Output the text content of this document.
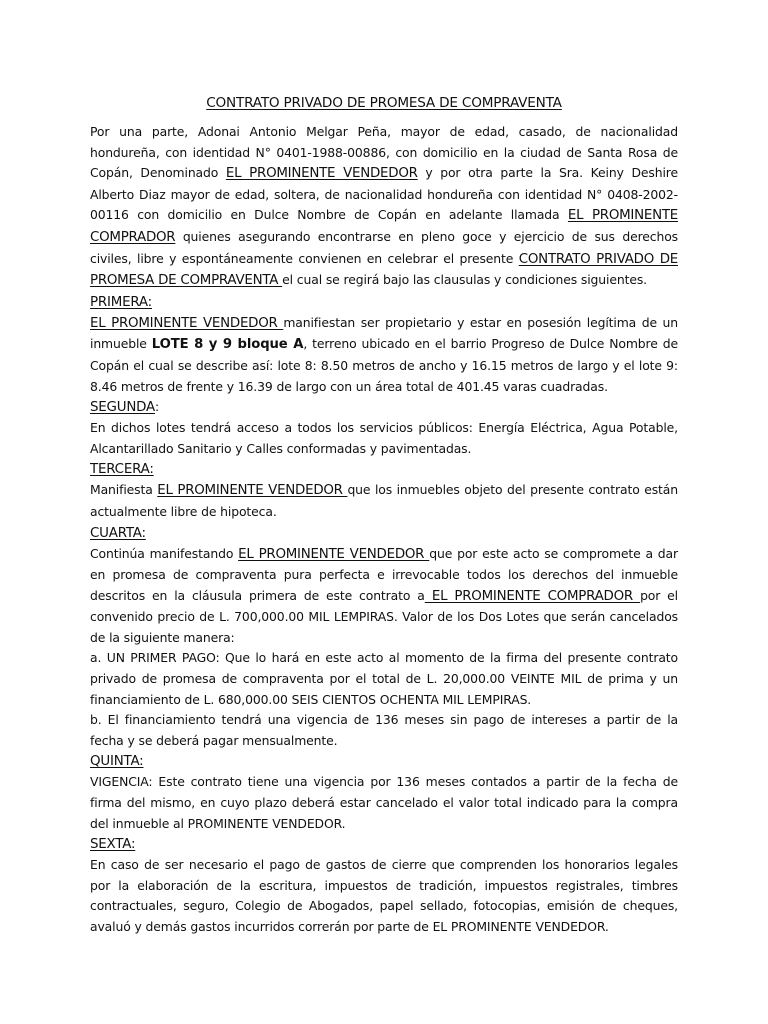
CONTRATO PRIVADO DE PROMESA DE COMPRAVENTA

Por una parte, Adonai Antonio Melgar Peña, mayor de edad, casado, de nacionalidad hondureña, con identidad N° 0401-1988-00886, con domicilio en la ciudad de Santa Rosa de Copán, Denominado EL PROMINENTE VENDEDOR y por otra parte la Sra. Keiny Deshire Alberto Diaz mayor de edad, soltera, de nacionalidad hondureña con identidad N° 0408-2002-00116 con domicilio en Dulce Nombre de Copán en adelante llamada EL PROMINENTE COMPRADOR quienes asegurando encontrarse en pleno goce y ejercicio de sus derechos civiles, libre y espontáneamente convienen en celebrar el presente CONTRATO PRIVADO DE PROMESA DE COMPRAVENTA el cual se regirá bajo las clausulas y condiciones siguientes.

PRIMERA:

EL PROMINENTE VENDEDOR manifiestan ser propietario y estar en posesión legítima de un inmueble LOTE 8 y 9 bloque A, terreno ubicado en el barrio Progreso de Dulce Nombre de Copán el cual se describe así: lote 8: 8.50 metros de ancho y 16.15 metros de largo y el lote 9: 8.46 metros de frente y 16.39 de largo con un área total de 401.45 varas cuadradas.

SEGUNDA:

En dichos lotes tendrá acceso a todos los servicios públicos: Energía Eléctrica, Agua Potable, Alcantarillado Sanitario y Calles conformadas y pavimentadas.

TERCERA:

Manifiesta EL PROMINENTE VENDEDOR que los inmuebles objeto del presente contrato están actualmente libre de hipoteca.

CUARTA:

Continúa manifestando EL PROMINENTE VENDEDOR que por este acto se compromete a dar en promesa de compraventa pura perfecta e irrevocable todos los derechos del inmueble descritos en la cláusula primera de este contrato a EL PROMINENTE COMPRADOR por el convenido precio de L. 700,000.00 MIL LEMPIRAS. Valor de los Dos Lotes que serán cancelados de la siguiente manera:

a. UN PRIMER PAGO: Que lo hará en este acto al momento de la firma del presente contrato privado de promesa de compraventa por el total de L. 20,000.00 VEINTE MIL de prima y un financiamiento de L. 680,000.00 SEIS CIENTOS OCHENTA MIL LEMPIRAS.

b. El financiamiento tendrá una vigencia de 136 meses sin pago de intereses a partir de la fecha y se deberá pagar mensualmente.

QUINTA:

VIGENCIA: Este contrato tiene una vigencia por 136 meses contados a partir de la fecha de firma del mismo, en cuyo plazo deberá estar cancelado el valor total indicado para la compra del inmueble al PROMINENTE VENDEDOR.

SEXTA:

En caso de ser necesario el pago de gastos de cierre que comprenden los honorarios legales por la elaboración de la escritura, impuestos de tradición, impuestos registrales, timbres contractuales, seguro, Colegio de Abogados, papel sellado, fotocopias, emisión de cheques, avaluó y demás gastos incurridos correrán por parte de EL PROMINENTE VENDEDOR.
